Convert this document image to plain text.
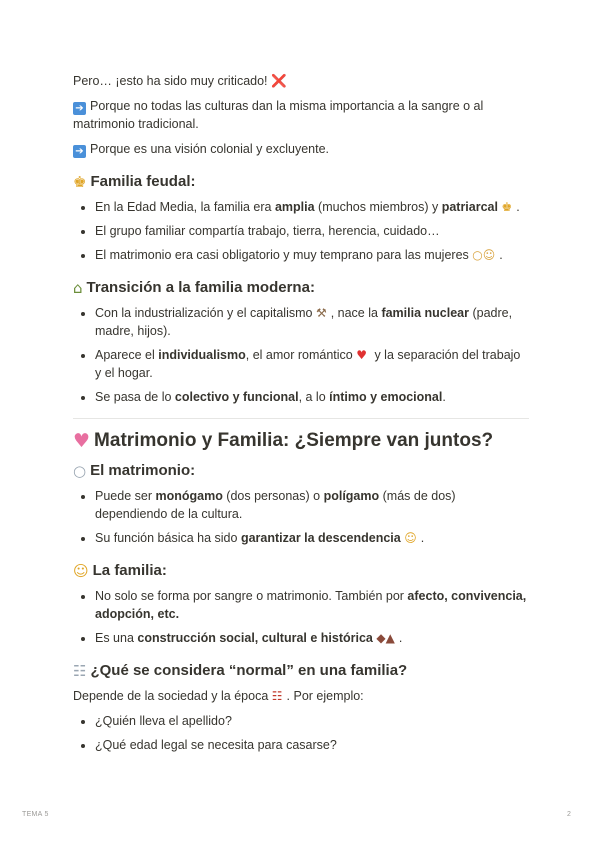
Pero… ¡esto ha sido muy criticado! ❌

➔ Porque no todas las culturas dan la misma importancia a la sangre o al matrimonio tradicional.

➔ Porque es una visión colonial y excluyente.

♚ Familia feudal:
• En la Edad Media, la familia era amplia (muchos miembros) y patriarcal ♚ .
• El grupo familiar compartía trabajo, tierra, herencia, cuidado…
• El matrimonio era casi obligatorio y muy temprano para las mujeres ○☺ .
⌂ Transición a la familia moderna:
• Con la industrialización y el capitalismo ⚒ , nace la familia nuclear (padre, madre, hijos).
• Aparece el individualismo, el amor romántico ♥ y la separación del trabajo y el hogar.
• Se pasa de lo colectivo y funcional, a lo íntimo y emocional.
♥ Matrimonio y Familia: ¿Siempre van juntos?
○ El matrimonio:
• Puede ser monógamo (dos personas) o polígamo (más de dos) dependiendo de la cultura.
• Su función básica ha sido garantizar la descendencia ☺ .
☺ La familia:
• No solo se forma por sangre o matrimonio. También por afecto, convivencia, adopción, etc.
• Es una construcción social, cultural e histórica ◆▲ .
☷ ¿Qué se considera “normal” en una familia?

Depende de la sociedad y la época ☷ . Por ejemplo:

• ¿Quién lleva el apellido?
• ¿Qué edad legal se necesita para casarse?
TEMA 5	2
